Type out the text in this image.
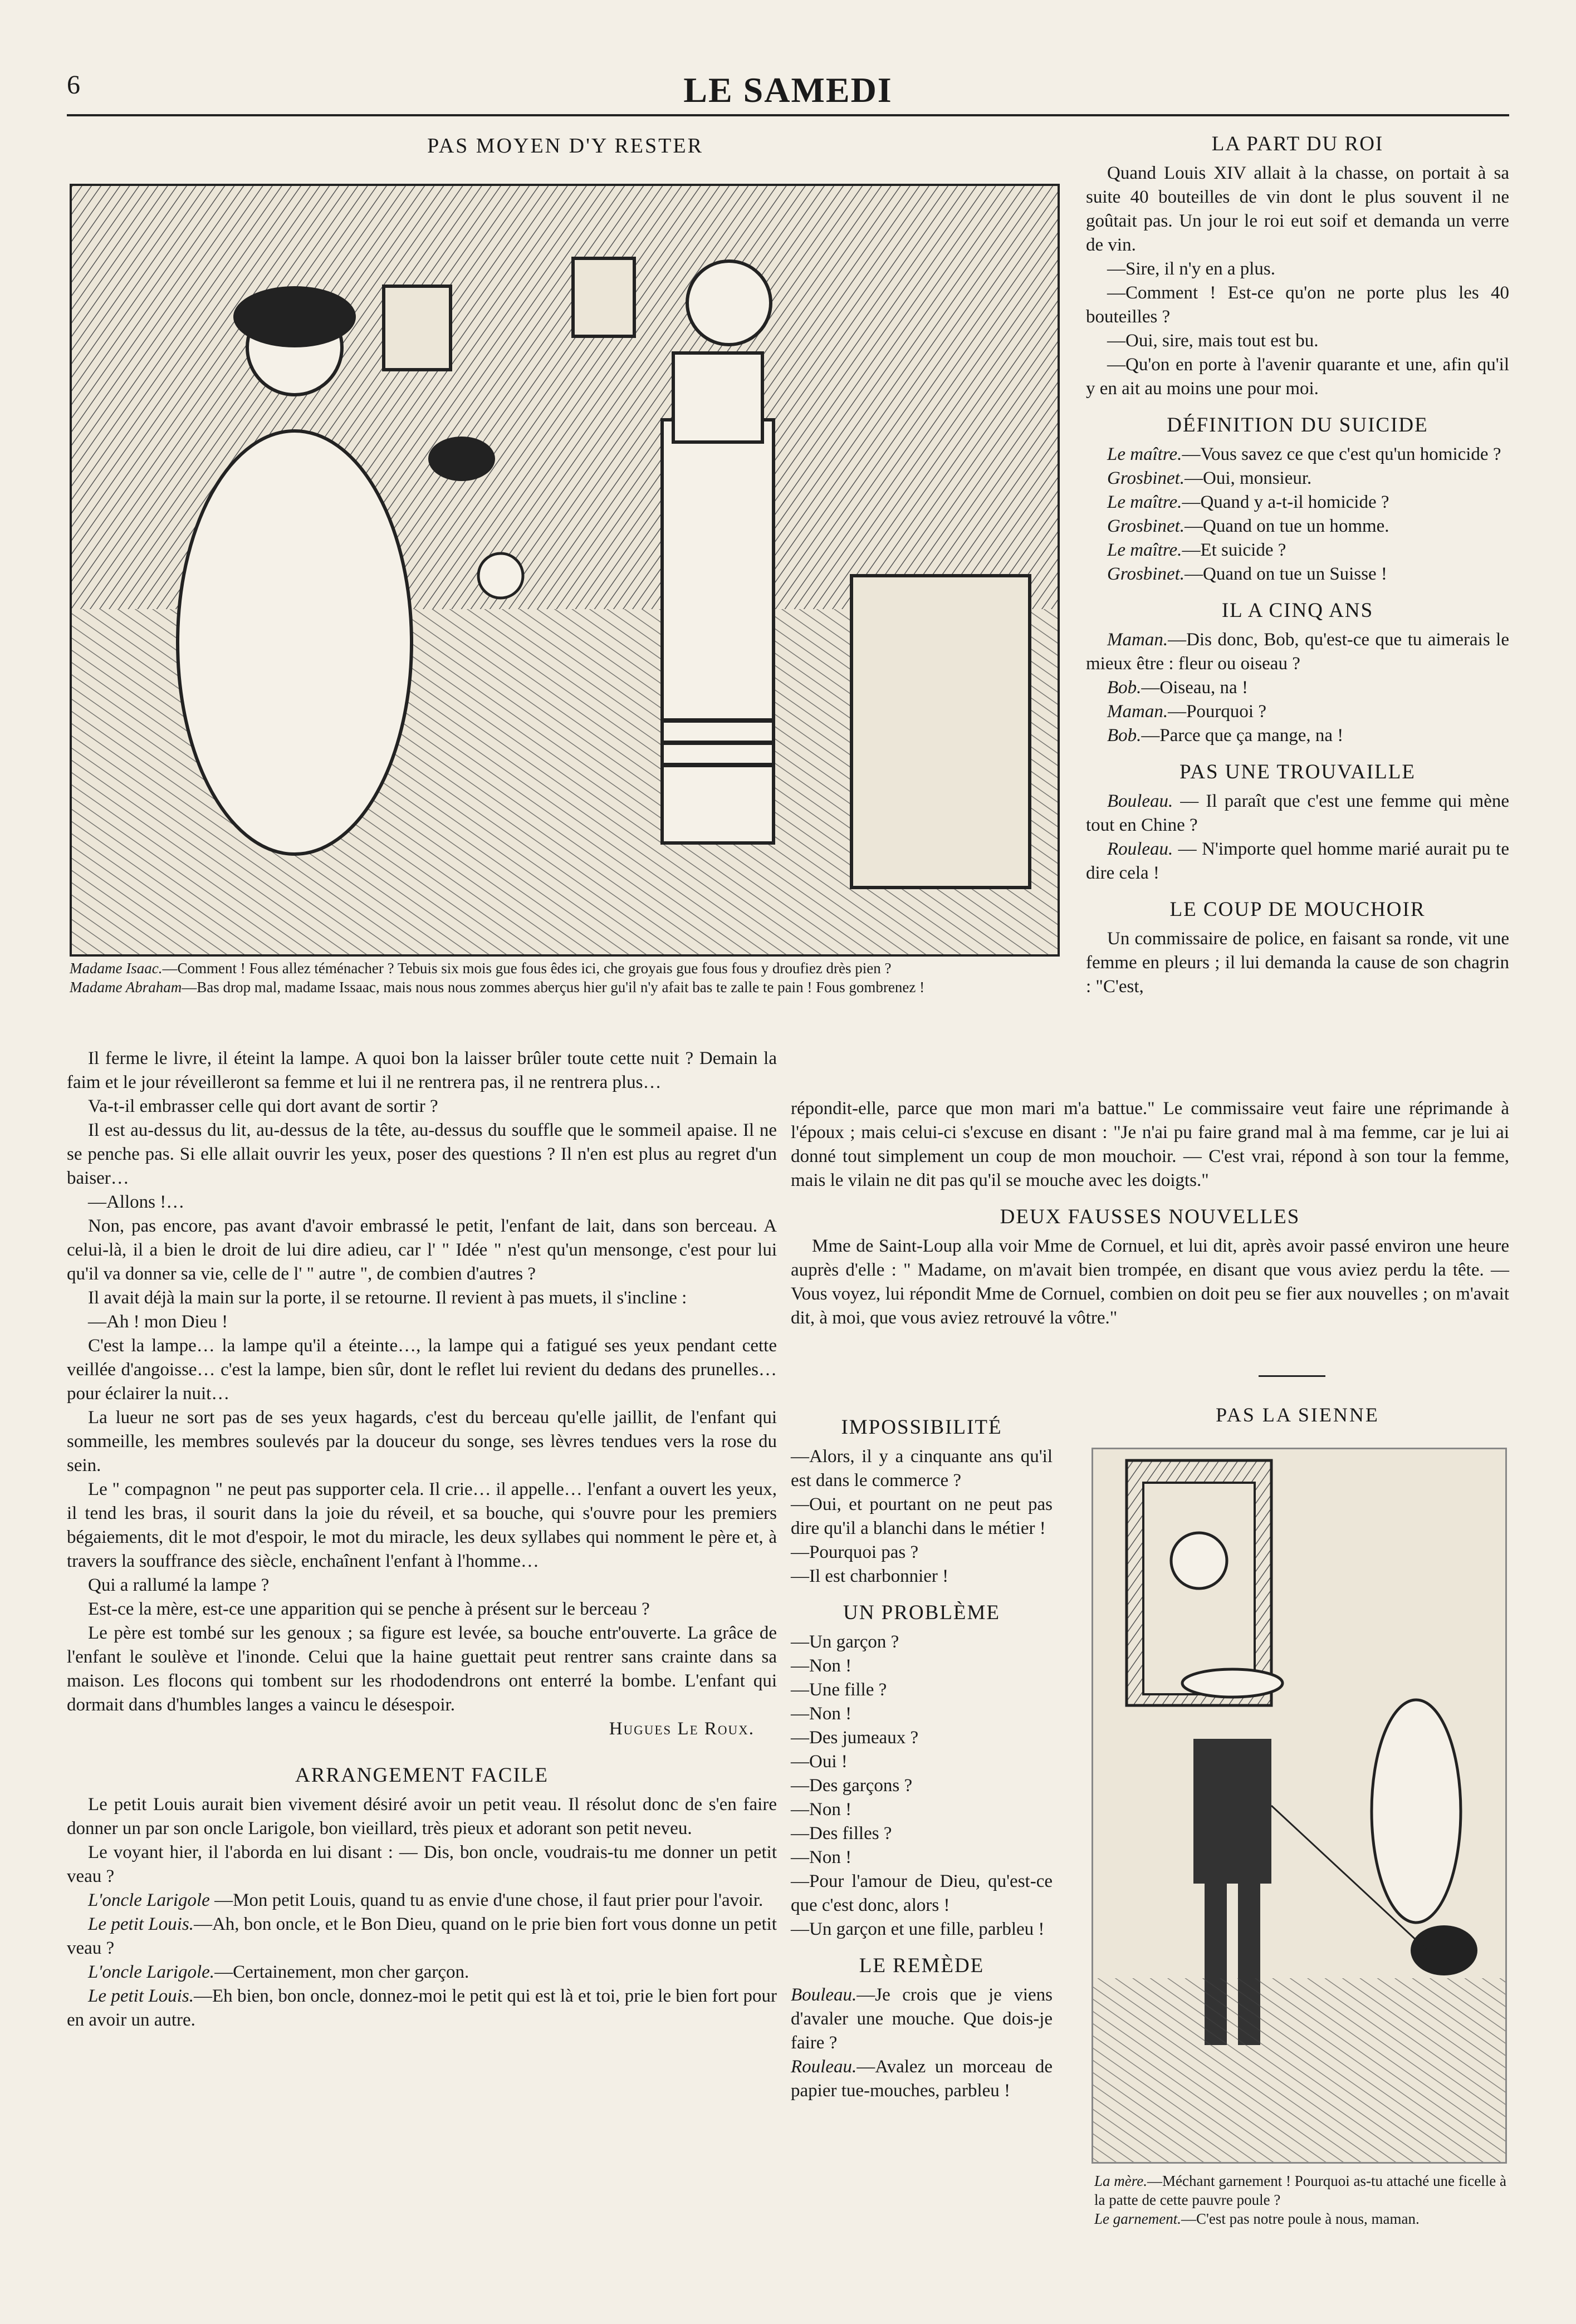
6	LE SAMEDI
PAS MOYEN D'Y RESTER
Madame Isaac.—Comment ! Fous allez téménacher ? Tebuis six mois gue fous êdes ici, che groyais gue fous fous y droufiez drès pien ?
Madame Abraham—Bas drop mal, madame Issaac, mais nous nous zommes aberçus hier gu'il n'y afait bas te zalle te pain ! Fous gombrenez !
LA PART DU ROI

Quand Louis XIV allait à la chasse, on portait à sa suite 40 bouteilles de vin dont le plus souvent il ne goûtait pas. Un jour le roi eut soif et demanda un verre de vin.

—Sire, il n'y en a plus.

—Comment ! Est-ce qu'on ne porte plus les 40 bouteilles ?

—Oui, sire, mais tout est bu.

—Qu'on en porte à l'avenir quarante et une, afin qu'il y en ait au moins une pour moi.

DÉFINITION DU SUICIDE

Le maître.—Vous savez ce que c'est qu'un homicide ?

Grosbinet.—Oui, monsieur.

Le maître.—Quand y a-t-il homicide ?

Grosbinet.—Quand on tue un homme.

Le maître.—Et suicide ?

Grosbinet.—Quand on tue un Suisse !

IL A CINQ ANS

Maman.—Dis donc, Bob, qu'est-ce que tu aimerais le mieux être : fleur ou oiseau ?

Bob.—Oiseau, na !

Maman.—Pourquoi ?

Bob.—Parce que ça mange, na !

PAS UNE TROUVAILLE

Bouleau. — Il paraît que c'est une femme qui mène tout en Chine ?

Rouleau. — N'importe quel homme marié aurait pu te dire cela !

LE COUP DE MOUCHOIR

Un commissaire de police, en faisant sa ronde, vit une femme en pleurs ; il lui demanda la cause de son chagrin : "C'est,

Il ferme le livre, il éteint la lampe. A quoi bon la laisser brûler toute cette nuit ? Demain la faim et le jour réveilleront sa femme et lui il ne rentrera pas, il ne rentrera plus…

Va-t-il embrasser celle qui dort avant de sortir ?

Il est au-dessus du lit, au-dessus de la tête, au-dessus du souffle que le sommeil apaise. Il ne se penche pas. Si elle allait ouvrir les yeux, poser des questions ? Il n'en est plus au regret d'un baiser…

—Allons !…

Non, pas encore, pas avant d'avoir embrassé le petit, l'enfant de lait, dans son berceau. A celui-là, il a bien le droit de lui dire adieu, car l' " Idée " n'est qu'un mensonge, c'est pour lui qu'il va donner sa vie, celle de l' " autre ", de combien d'autres ?

Il avait déjà la main sur la porte, il se retourne. Il revient à pas muets, il s'incline :

—Ah ! mon Dieu !

C'est la lampe… la lampe qu'il a éteinte…, la lampe qui a fatigué ses yeux pendant cette veillée d'angoisse… c'est la lampe, bien sûr, dont le reflet lui revient du dedans des prunelles… pour éclairer la nuit…

La lueur ne sort pas de ses yeux hagards, c'est du berceau qu'elle jaillit, de l'enfant qui sommeille, les membres soulevés par la douceur du songe, ses lèvres tendues vers la rose du sein.

Le " compagnon " ne peut pas supporter cela. Il crie… il appelle… l'enfant a ouvert les yeux, il tend les bras, il sourit dans la joie du réveil, et sa bouche, qui s'ouvre pour les premiers bégaiements, dit le mot d'espoir, le mot du miracle, les deux syllabes qui nomment le père et, à travers la souffrance des siècle, enchaînent l'enfant à l'homme…

Qui a rallumé la lampe ?

Est-ce la mère, est-ce une apparition qui se penche à présent sur le berceau ?

Le père est tombé sur les genoux ; sa figure est levée, sa bouche entr'ouverte. La grâce de l'enfant le soulève et l'inonde. Celui que la haine guettait peut rentrer sans crainte dans sa maison. Les flocons qui tombent sur les rhododendrons ont enterré la bombe. L'enfant qui dormait dans d'humbles langes a vaincu le désespoir.

Hugues Le Roux.
ARRANGEMENT FACILE

Le petit Louis aurait bien vivement désiré avoir un petit veau. Il résolut donc de s'en faire donner un par son oncle Larigole, bon vieillard, très pieux et adorant son petit neveu.

Le voyant hier, il l'aborda en lui disant : — Dis, bon oncle, voudrais-tu me donner un petit veau ?

L'oncle Larigole —Mon petit Louis, quand tu as envie d'une chose, il faut prier pour l'avoir.

Le petit Louis.—Ah, bon oncle, et le Bon Dieu, quand on le prie bien fort vous donne un petit veau ?

L'oncle Larigole.—Certainement, mon cher garçon.

Le petit Louis.—Eh bien, bon oncle, donnez-moi le petit qui est là et toi, prie le bien fort pour en avoir un autre.

répondit-elle, parce que mon mari m'a battue." Le commissaire veut faire une réprimande à l'époux ; mais celui-ci s'excuse en disant : "Je n'ai pu faire grand mal à ma femme, car je lui ai donné tout simplement un coup de mon mouchoir. — C'est vrai, répond à son tour la femme, mais le vilain ne dit pas qu'il se mouche avec les doigts."

DEUX FAUSSES NOUVELLES

Mme de Saint-Loup alla voir Mme de Cornuel, et lui dit, après avoir passé environ une heure auprès d'elle : " Madame, on m'avait bien trompée, en disant que vous aviez perdu la tête. — Vous voyez, lui répondit Mme de Cornuel, combien on doit peu se fier aux nouvelles ; on m'avait dit, à moi, que vous aviez retrouvé la vôtre."

IMPOSSIBILITÉ

—Alors, il y a cinquante ans qu'il est dans le commerce ?

—Oui, et pourtant on ne peut pas dire qu'il a blanchi dans le métier !

—Pourquoi pas ?

—Il est charbonnier !

UN PROBLÈME

—Un garçon ?

—Non !

—Une fille ?

—Non !

—Des jumeaux ?

—Oui !

—Des garçons ?

—Non !

—Des filles ?

—Non !

—Pour l'amour de Dieu, qu'est-ce que c'est donc, alors !

—Un garçon et une fille, parbleu !

LE REMÈDE

Bouleau.—Je crois que je viens d'avaler une mouche. Que dois-je faire ?

Rouleau.—Avalez un morceau de papier tue-mouches, parbleu !

PAS LA SIENNE
La mère.—Méchant garnement ! Pourquoi as-tu attaché une ficelle à la patte de cette pauvre poule ?
Le garnement.—C'est pas notre poule à nous, maman.
